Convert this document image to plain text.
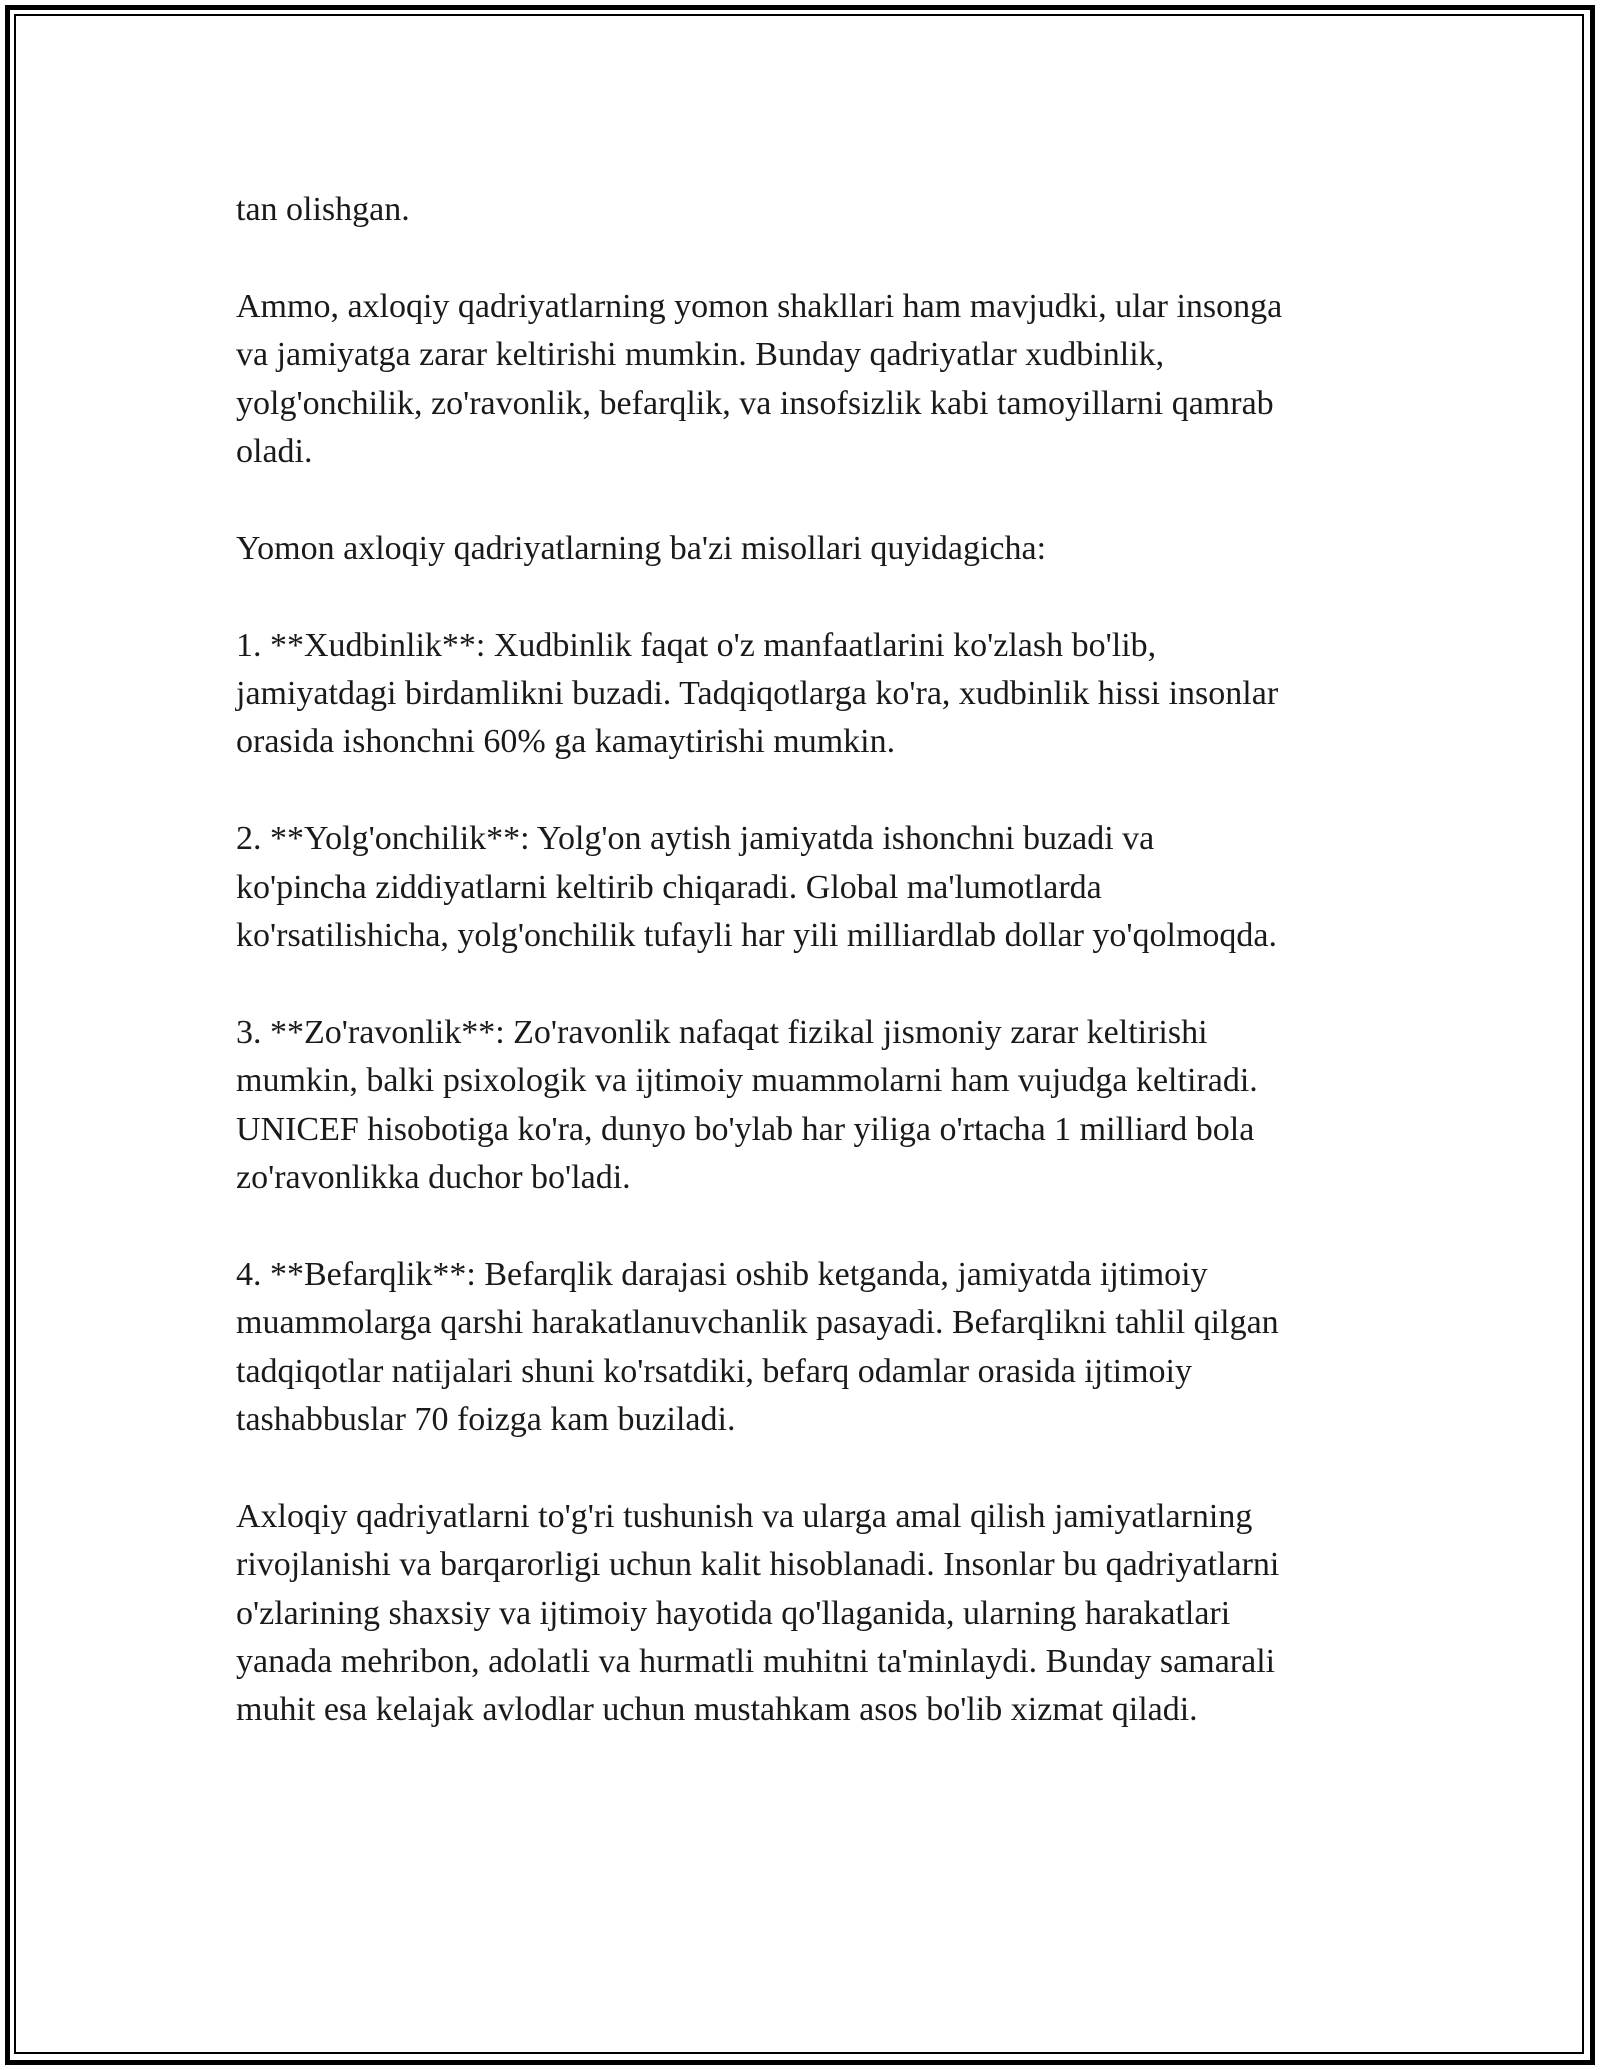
tan olishgan.

Ammo, axloqiy qadriyatlarning yomon shakllari ham mavjudki, ular insonga
va jamiyatga zarar keltirishi mumkin. Bunday qadriyatlar xudbinlik,
yolg'onchilik, zo'ravonlik, befarqlik, va insofsizlik kabi tamoyillarni qamrab
oladi.

Yomon axloqiy qadriyatlarning ba'zi misollari quyidagicha:

1. **Xudbinlik**: Xudbinlik faqat o'z manfaatlarini ko'zlash bo'lib,
jamiyatdagi birdamlikni buzadi. Tadqiqotlarga ko'ra, xudbinlik hissi insonlar
orasida ishonchni 60% ga kamaytirishi mumkin.

2. **Yolg'onchilik**: Yolg'on aytish jamiyatda ishonchni buzadi va
ko'pincha ziddiyatlarni keltirib chiqaradi. Global ma'lumotlarda
ko'rsatilishicha, yolg'onchilik tufayli har yili milliardlab dollar yo'qolmoqda.

3. **Zo'ravonlik**: Zo'ravonlik nafaqat fizikal jismoniy zarar keltirishi
mumkin, balki psixologik va ijtimoiy muammolarni ham vujudga keltiradi.
UNICEF hisobotiga ko'ra, dunyo bo'ylab har yiliga o'rtacha 1 milliard bola
zo'ravonlikka duchor bo'ladi.

4. **Befarqlik**: Befarqlik darajasi oshib ketganda, jamiyatda ijtimoiy
muammolarga qarshi harakatlanuvchanlik pasayadi. Befarqlikni tahlil qilgan
tadqiqotlar natijalari shuni ko'rsatdiki, befarq odamlar orasida ijtimoiy
tashabbuslar 70 foizga kam buziladi.

Axloqiy qadriyatlarni to'g'ri tushunish va ularga amal qilish jamiyatlarning
rivojlanishi va barqarorligi uchun kalit hisoblanadi. Insonlar bu qadriyatlarni
o'zlarining shaxsiy va ijtimoiy hayotida qo'llaganida, ularning harakatlari
yanada mehribon, adolatli va hurmatli muhitni ta'minlaydi. Bunday samarali
muhit esa kelajak avlodlar uchun mustahkam asos bo'lib xizmat qiladi.
